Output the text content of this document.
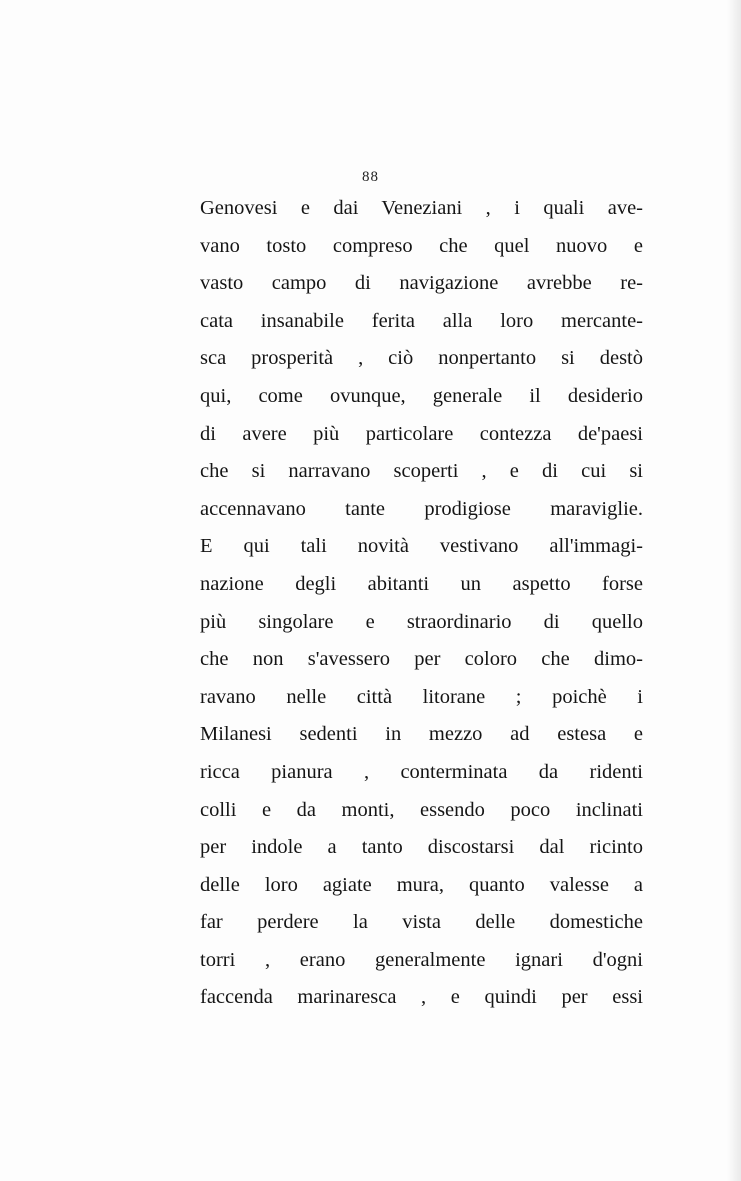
88
Genovesi e dai Veneziani , i quali ave-
vano tosto compreso che quel nuovo e
vasto campo di navigazione avrebbe re-
cata insanabile ferita alla loro mercante-
sca prosperità , ciò nonpertanto si destò
qui, come ovunque, generale il desiderio
di avere più particolare contezza de'paesi
che si narravano scoperti , e di cui si
accennavano tante prodigiose maraviglie.
E qui tali novità vestivano all'immagi-
nazione degli abitanti un aspetto forse
più singolare e straordinario di quello
che non s'avessero per coloro che dimo-
ravano nelle città litorane ; poichè i
Milanesi sedenti in mezzo ad estesa e
ricca pianura , conterminata da ridenti
colli e da monti, essendo poco inclinati
per indole a tanto discostarsi dal ricinto
delle loro agiate mura, quanto valesse a
far perdere la vista delle domestiche
torri , erano generalmente ignari d'ogni
faccenda marinaresca , e quindi per essi
